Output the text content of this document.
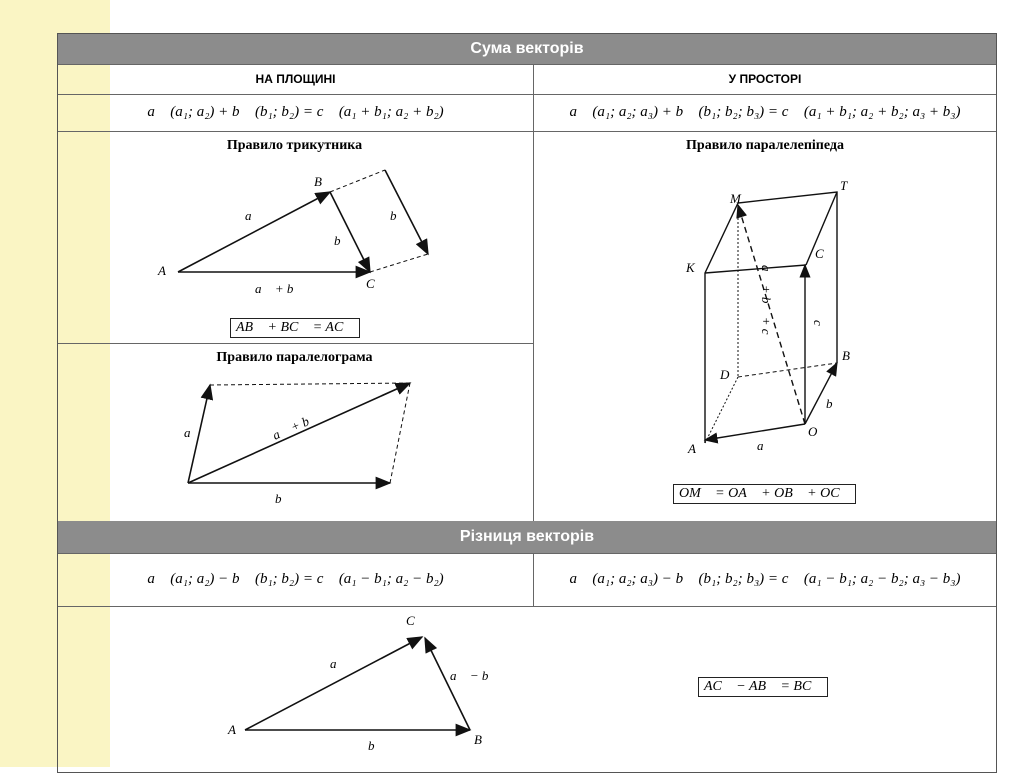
Сума векторів
НА ПЛОЩИНІ	У ПРОСТОРІ
a⃗ (a₁; a₂) + b⃗ (b₁; b₂) = c⃗ (a₁ + b₁; a₂ + b₂)	a⃗ (a₁; a₂; a₃) + b⃗ (b₁; b₂; b₃) = c⃗ (a₁ + b₁; a₂ + b₂; a₃ + b₃)
Різниця векторів
a⃗ (a₁; a₂) − b⃗ (b₁; b₂) = c⃗ (a₁ − b₁; a₂ − b₂)	a⃗ (a₁; a₂; a₃) − b⃗ (b₁; b₂; b₃) = c⃗ (a₁ − b₁; a₂ − b₂; a₃ − b₃)
Правило трикутника
Правило паралелограма
Правило паралелепіпеда
A
B
C
a⃗
b⃗
b⃗
a⃗ + b⃗
a⃗
b⃗
a⃗ + b⃗
M
T
K
C
B
D
O
A	a⃗
b⃗
c⃗
a⃗ + b⃗ + c⃗
A
B
C
a⃗
b⃗
a⃗ − b⃗
AB⃗ + BC⃗ = AC⃗
OM⃗ = OA⃗ + OB⃗ + OC⃗
AC⃗ − AB⃗ = BC⃗
